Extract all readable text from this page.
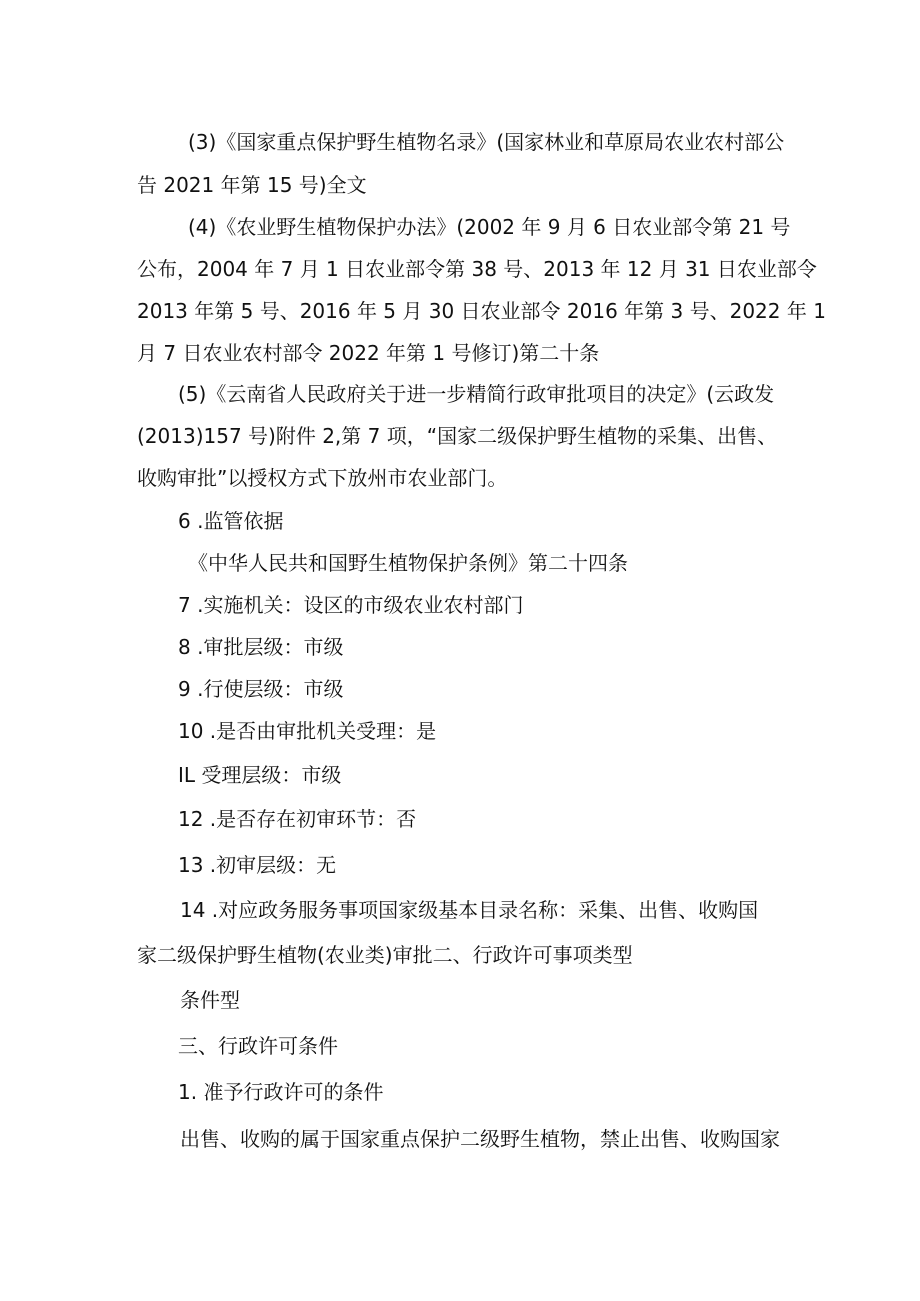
(3)《国家重点保护野生植物名录》(国家林业和草原局农业农村部公
告 2021 年第 15 号)全文
(4)《农业野生植物保护办法》(2002 年 9 月 6 日农业部令第 21 号
公布，2004 年 7 月 1 日农业部令第 38 号、2013 年 12 月 31 日农业部令
2013 年第 5 号、2016 年 5 月 30 日农业部令 2016 年第 3 号、2022 年 1
月 7 日农业农村部令 2022 年第 1 号修订)第二十条
(5)《云南省人民政府关于进一步精简行政审批项目的决定》(云政发
(2013)157 号)附件 2,第 7 项，“国家二级保护野生植物的采集、出售、
收购审批”以授权方式下放州市农业部门。
6 .监管依据
《中华人民共和国野生植物保护条例》第二十四条
7 .实施机关：设区的市级农业农村部门
8 .审批层级：市级
9 .行使层级：市级
10 .是否由审批机关受理：是
IL 受理层级：市级
12 .是否存在初审环节：否
13 .初审层级：无
14 .对应政务服务事项国家级基本目录名称：采集、出售、收购国
家二级保护野生植物(农业类)审批二、行政许可事项类型
条件型
三、行政许可条件
1. 准予行政许可的条件
出售、收购的属于国家重点保护二级野生植物，禁止出售、收购国家
